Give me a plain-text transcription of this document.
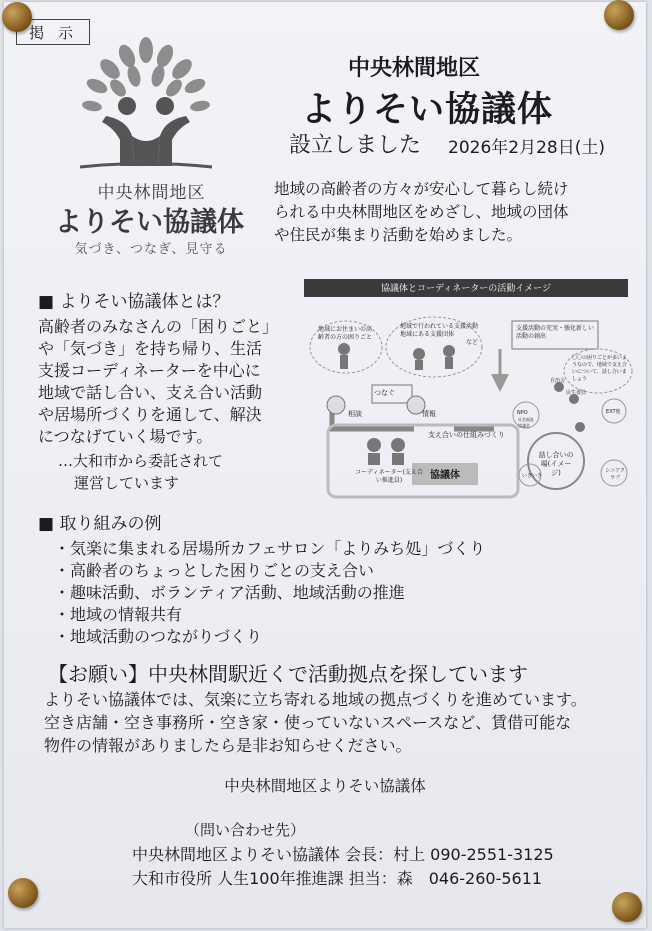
掲示
中央林間地区
よりそい協議体
気づき、つなぎ、見守る
中央林間地区
よりそい協議体
設立しました 2026年2月28日(土)
地域の高齢者の方々が安心して暮らし続け
られる中央林間地区をめざし、地域の団体
や住民が集まり活動を始めました。
■ よりそい協議体とは？
高齢者のみなさんの「困りごと」
や「気づき」を持ち帰り、生活
支援コーディネーターを中心に
地域で話し合い、支え合い活動
や居場所づくりを通して、解決
につなげていく場です。
…大和市から委託されて
運営しています
協議体とコーディネーターの活動イメージ
地域にお住まいの高齢者の方の困りごと
地域で行われている支援活動地域にある支援団体
など
支援活動の充実・強化新しい活動の創出
〇〇の困りごとが多いようなので、地域で支え合いについて、話し合いましょう
つなぐ
相談	情報
支え合いの仕組みづくり
コーディネーター(支え合い推進員)	協議体
話し合いの場(イメージ)
NPO
社会福祉協議会
自治会
民生委員
シニアクラブ
いきいき
EXT他
■ 取り組みの例
・気楽に集まれる居場所カフェサロン「よりみち処」づくり
・高齢者のちょっとした困りごとの支え合い
・趣味活動、ボランティア活動、地域活動の推進
・地域の情報共有
・地域活動のつながりづくり
【お願い】中央林間駅近くで活動拠点を探しています
よりそい協議体では、気楽に立ち寄れる地域の拠点づくりを進めています。
空き店舗・空き事務所・空き家・使っていないスペースなど、賃借可能な
物件の情報がありましたら是非お知らせください。
中央林間地区よりそい協議体
（問い合わせ先）
中央林間地区よりそい協議体 会長：村上 090-2551-3125
大和市役所 人生100年推進課 担当：森　046-260-5611
